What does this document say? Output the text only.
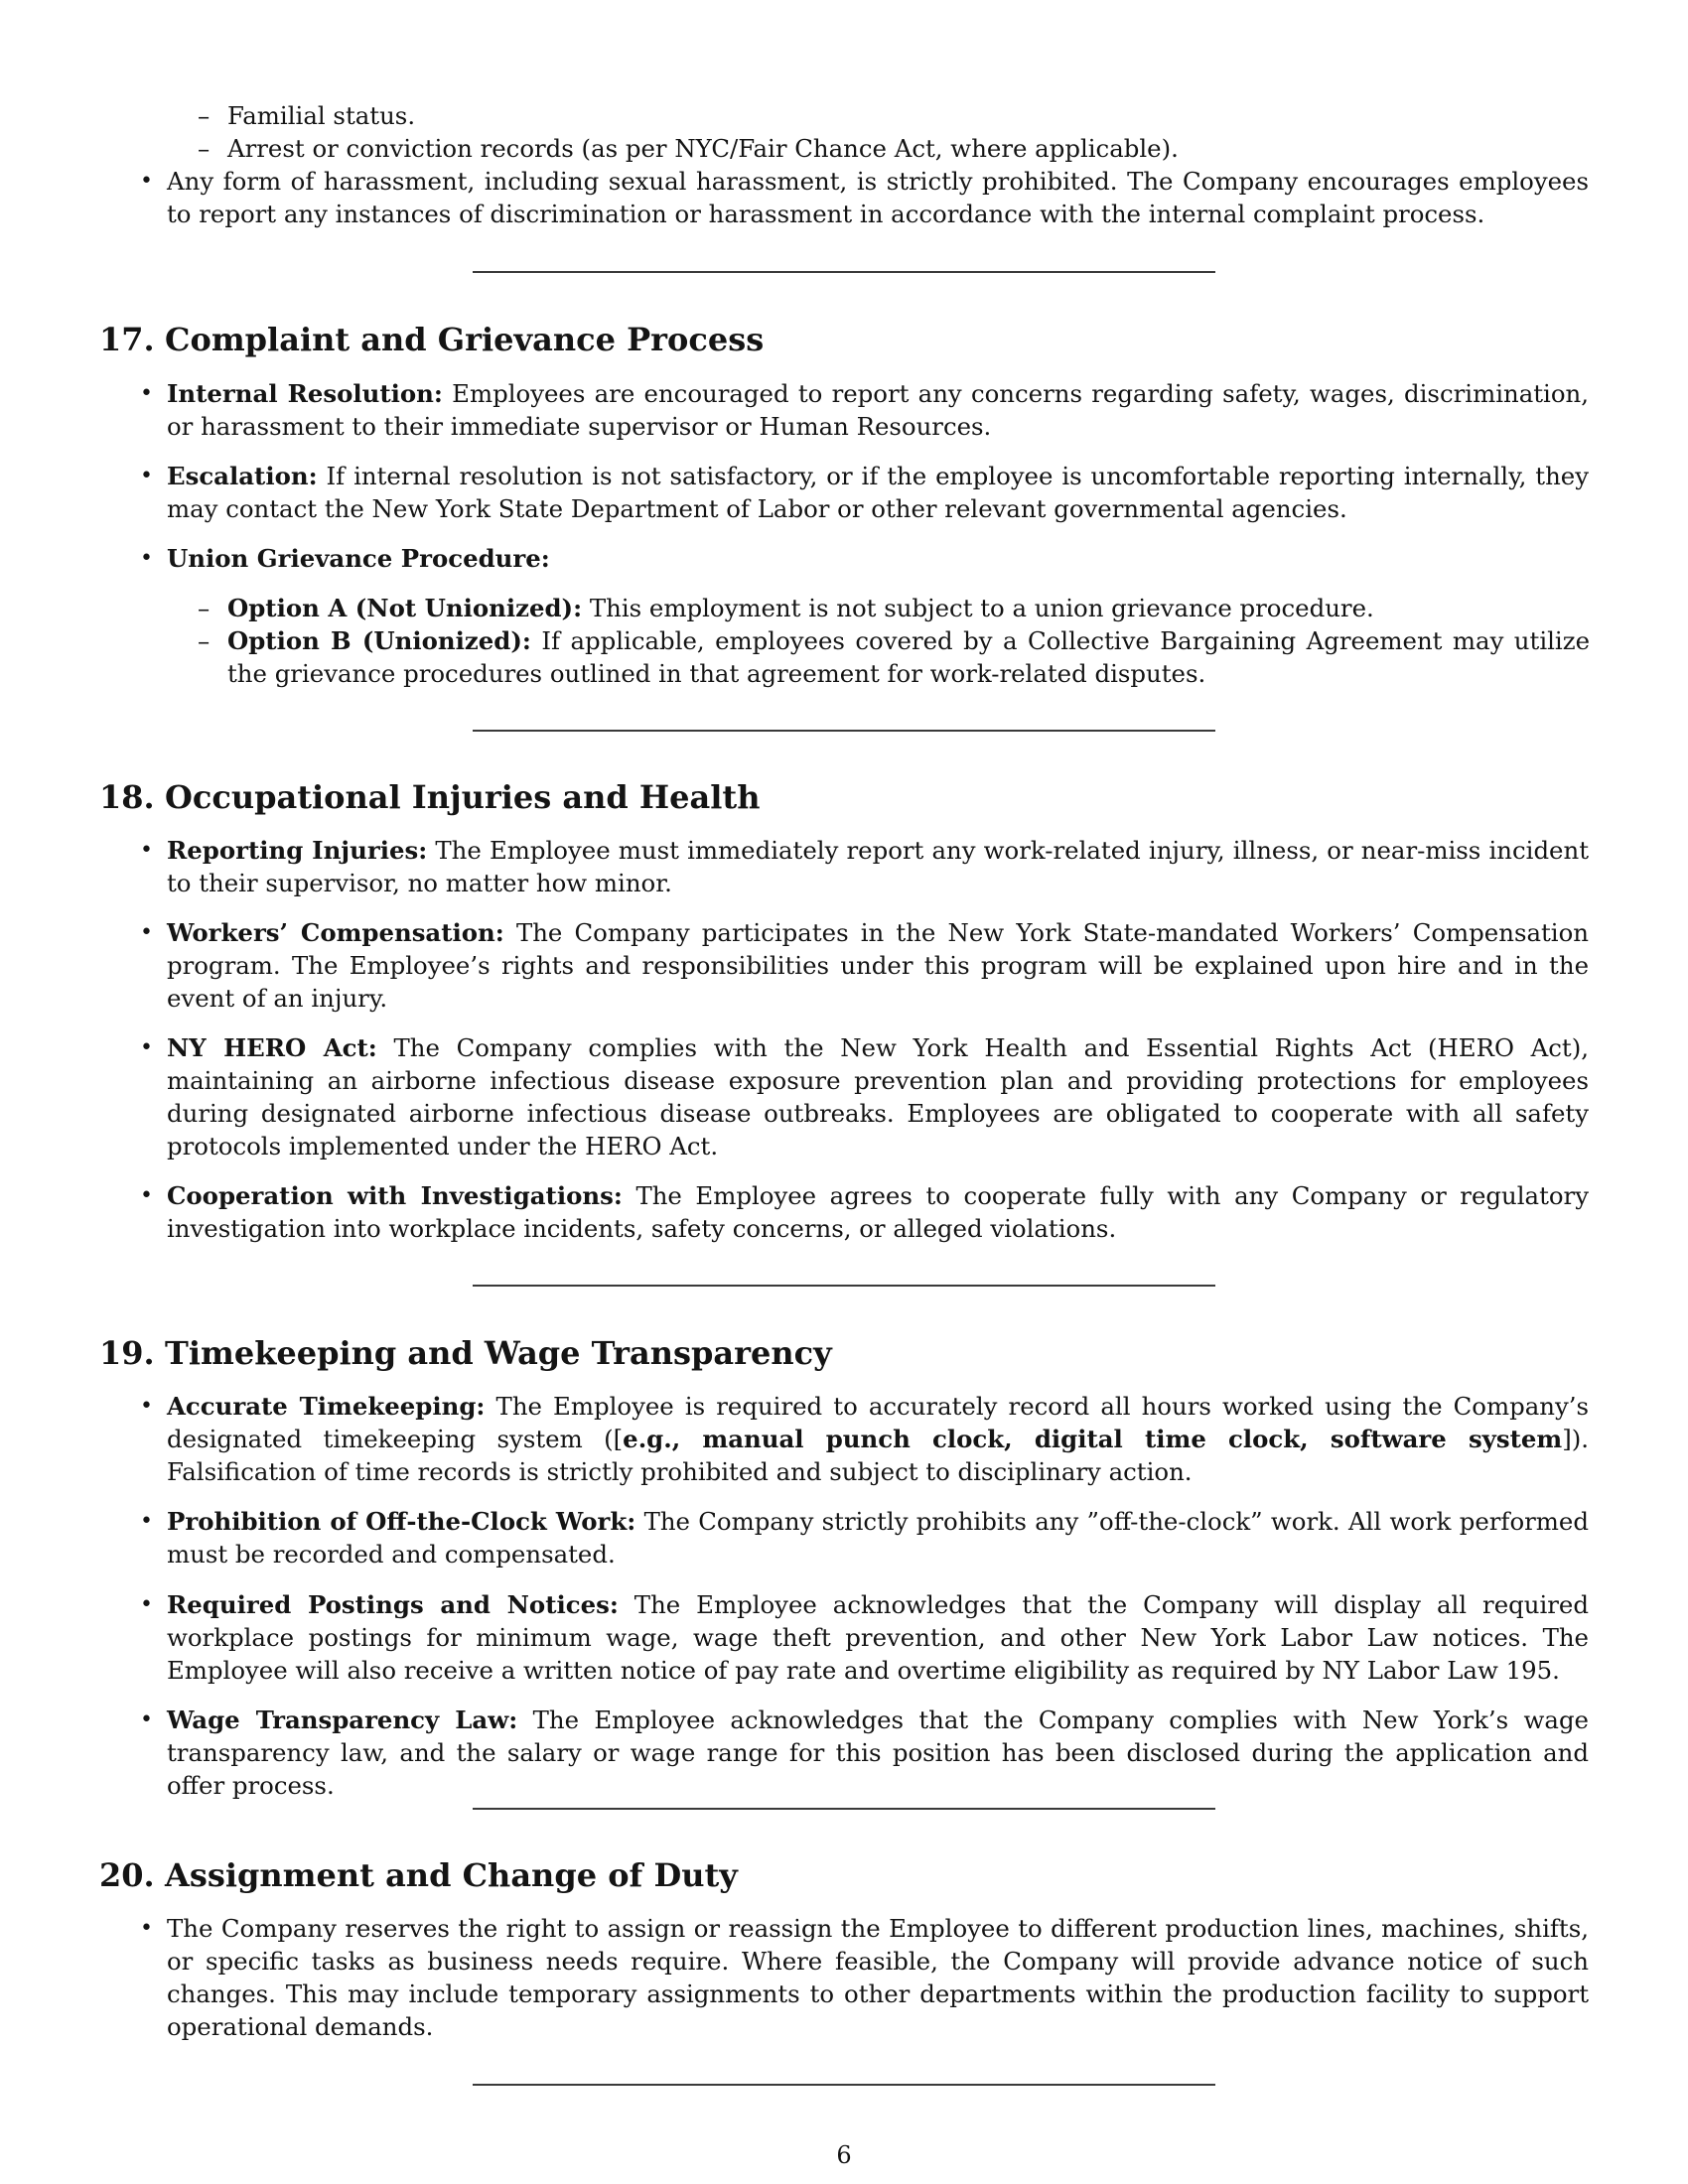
– Familial status.
– Arrest or conviction records (as per NYC/Fair Chance Act, where applicable).
• Any form of harassment, including sexual harassment, is strictly prohibited. The Company encourages employees to report any instances of discrimination or harassment in accordance with the internal complaint process.
17. Complaint and Grievance Process
• Internal Resolution: Employees are encouraged to report any concerns regarding safety, wages, discrimination, or harassment to their immediate supervisor or Human Resources.
• Escalation: If internal resolution is not satisfactory, or if the employee is uncomfortable reporting internally, they may contact the New York State Department of Labor or other relevant governmental agencies.
• Union Grievance Procedure:
– Option A (Not Unionized): This employment is not subject to a union grievance procedure.
– Option B (Unionized): If applicable, employees covered by a Collective Bargaining Agreement may utilize the grievance procedures outlined in that agreement for work-related disputes.
18. Occupational Injuries and Health
• Reporting Injuries: The Employee must immediately report any work-related injury, illness, or near-miss incident to their supervisor, no matter how minor.
• Workers’ Compensation: The Company participates in the New York State-mandated Workers’ Compensation program. The Employee’s rights and responsibilities under this program will be explained upon hire and in the event of an injury.
• NY HERO Act: The Company complies with the New York Health and Essential Rights Act (HERO Act), maintaining an airborne infectious disease exposure prevention plan and providing protections for employees during designated airborne infectious disease outbreaks. Employees are obligated to cooperate with all safety protocols implemented under the HERO Act.
• Cooperation with Investigations: The Employee agrees to cooperate fully with any Company or regulatory investigation into workplace incidents, safety concerns, or alleged violations.
19. Timekeeping and Wage Transparency
• Accurate Timekeeping: The Employee is required to accurately record all hours worked using the Company’s designated timekeeping system ([e.g., manual punch clock, digital time clock, software system]). Falsification of time records is strictly prohibited and subject to disciplinary action.
• Prohibition of Off-the-Clock Work: The Company strictly prohibits any ”off-the-clock” work. All work performed must be recorded and compensated.
• Required Postings and Notices: The Employee acknowledges that the Company will display all required workplace postings for minimum wage, wage theft prevention, and other New York Labor Law notices. The Employee will also receive a written notice of pay rate and overtime eligibility as required by NY Labor Law 195.
• Wage Transparency Law: The Employee acknowledges that the Company complies with New York’s wage transparency law, and the salary or wage range for this position has been disclosed during the application and offer process.
20. Assignment and Change of Duty
• The Company reserves the right to assign or reassign the Employee to different production lines, machines, shifts, or specific tasks as business needs require. Where feasible, the Company will provide advance notice of such changes. This may include temporary assignments to other departments within the production facility to support operational demands.
6
